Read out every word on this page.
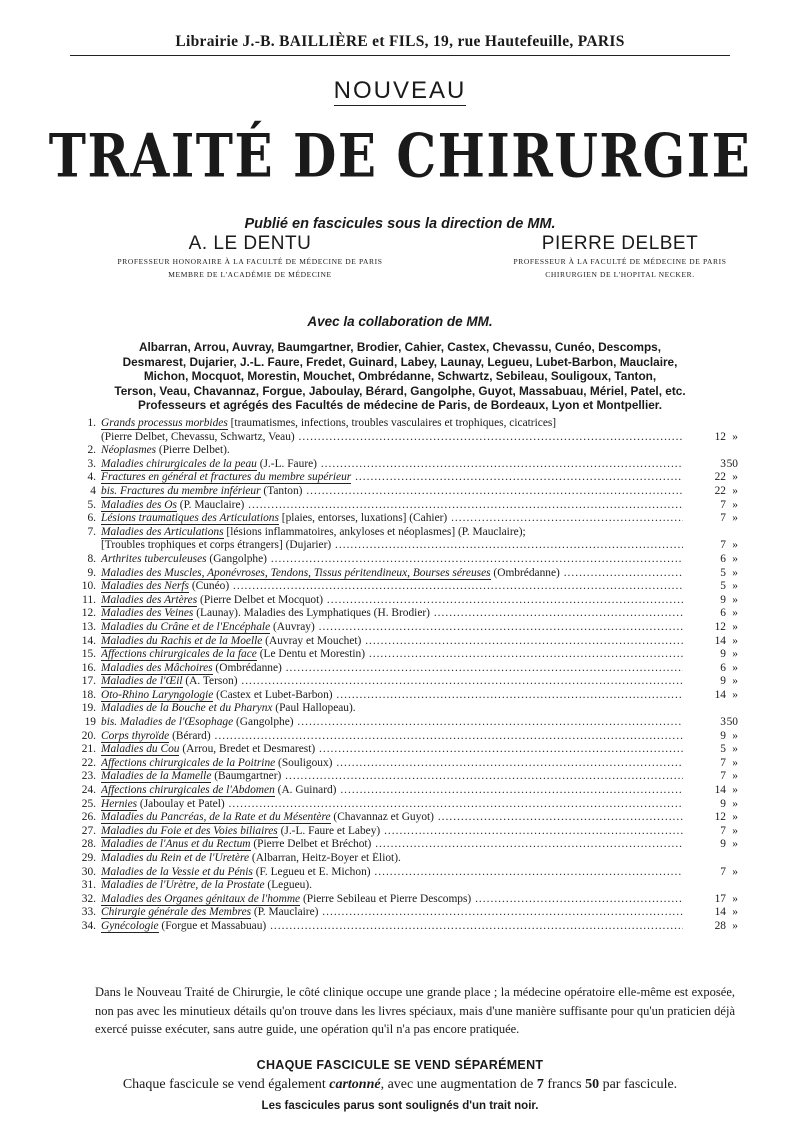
Librairie J.-B. BAILLIÈRE et FILS, 19, rue Hautefeuille, PARIS
NOUVEAU
TRAITÉ DE CHIRURGIE
Publié en fascicules sous la direction de MM.
A. LE DENTU
PROFESSEUR HONORAIRE À LA FACULTÉ DE MÉDECINE DE PARIS
MEMBRE DE L'ACADÉMIE DE MÉDECINE
PIERRE DELBET
PROFESSEUR À LA FACULTÉ DE MÉDECINE DE PARIS
CHIRURGIEN DE L'HOPITAL NECKER.
Avec la collaboration de MM.
Albarran, Arrou, Auvray, Baumgartner, Brodier, Cahier, Castex, Chevassu, Cunéo, Descomps,
Desmarest, Dujarier, J.-L. Faure, Fredet, Guinard, Labey, Launay, Legueu, Lubet-Barbon, Mauclaire,
Michon, Mocquot, Morestin, Mouchet, Ombrédanne, Schwartz, Sebileau, Souligoux, Tanton,
Terson, Veau, Chavannaz, Forgue, Jaboulay, Bérard, Gangolphe, Guyot, Massabuau, Mériel, Patel, etc.
Professeurs et agrégés des Facultés de médecine de Paris, de Bordeaux, Lyon et Montpellier.
1. Grands processus morbides [traumatismes, infections, troubles vasculaires et trophiques, cicatrices]
(Pierre Delbet, Chevassu, Schwartz, Veau) .....	12 »
2. Néoplasmes (Pierre Delbet).
3. Maladies chirurgicales de la peau (J.-L. Faure) .....	3 50
4. Fractures en général et fractures du membre supérieur .....	22 »
4 bis. Fractures du membre inférieur (Tanton) .....	22 »
5. Maladies des Os (P. Mauclaire) .....	7 »
6. Lésions traumatiques des Articulations [plaies, entorses, luxations] (Cahier) .....	7 »
7. Maladies des Articulations [lésions inflammatoires, ankyloses et néoplasmes] (P. Mauclaire);
[Troubles trophiques et corps étrangers] (Dujarier) .....	7 »
8. Arthrites tuberculeuses (Gangolphe) .....	6 »
9. Maladies des Muscles, Aponévroses, Tendons, Tissus péritendineux, Bourses séreuses (Ombrédanne) .....	5 »
10. Maladies des Nerfs (Cunéo) .....	5 »
11. Maladies des Artères (Pierre Delbet et Mocquot) .....	9 »
12. Maladies des Veines (Launay). Maladies des Lymphatiques (H. Brodier) .....	6 »
13. Maladies du Crâne et de l'Encéphale (Auvray) .....	12 »
14. Maladies du Rachis et de la Moelle (Auvray et Mouchet) .....	14 »
15. Affections chirurgicales de la face (Le Dentu et Morestin) .....	9 »
16. Maladies des Mâchoires (Ombrédanne) .....	6 »
17. Maladies de l'Œil (A. Terson) .....	9 »
18. Oto-Rhino Laryngologie (Castex et Lubet-Barbon) .....	14 »
19. Maladies de la Bouche et du Pharynx (Paul Hallopeau).
19 bis. Maladies de l'Œsophage (Gangolphe) .....	3 50
20. Corps thyroïde (Bérard) .....	9 »
21. Maladies du Cou (Arrou, Bredet et Desmarest) .....	5 »
22. Affections chirurgicales de la Poitrine (Souligoux) .....	7 »
23. Maladies de la Mamelle (Baumgartner) .....	7 »
24. Affections chirurgicales de l'Abdomen (A. Guinard) .....	14 »
25. Hernies (Jaboulay et Patel) .....	9 »
26. Maladies du Pancréas, de la Rate et du Mésentère (Chavannaz et Guyot) .....	12 »
27. Maladies du Foie et des Voies biliaires (J.-L. Faure et Labey) .....	7 »
28. Maladies de l'Anus et du Rectum (Pierre Delbet et Bréchot) .....	9 »
29. Maladies du Rein et de l'Uretère (Albarran, Heitz-Boyer et Éliot).
30. Maladies de la Vessie et du Pénis (F. Legueu et E. Michon) .....	7 »
31. Maladies de l'Urètre, de la Prostate (Legueu).
32. Maladies des Organes génitaux de l'homme (Pierre Sebileau et Pierre Descomps) .....	17 »
33. Chirurgie générale des Membres (P. Mauclaire) .....	14 »
34. Gynécologie (Forgue et Massabuau) .....	28 »
Dans le Nouveau Traité de Chirurgie, le côté clinique occupe une grande place ; la médecine opératoire elle-même est exposée, non pas avec les minutieux détails qu'on trouve dans les livres spéciaux, mais d'une manière suffisante pour qu'un praticien déjà exercé puisse exécuter, sans autre guide, une opération qu'il n'a pas encore pratiquée.
CHAQUE FASCICULE SE VEND SÉPARÉMENT
Chaque fascicule se vend également cartonné, avec une augmentation de 7 francs 50 par fascicule.
Les fascicules parus sont soulignés d'un trait noir.
